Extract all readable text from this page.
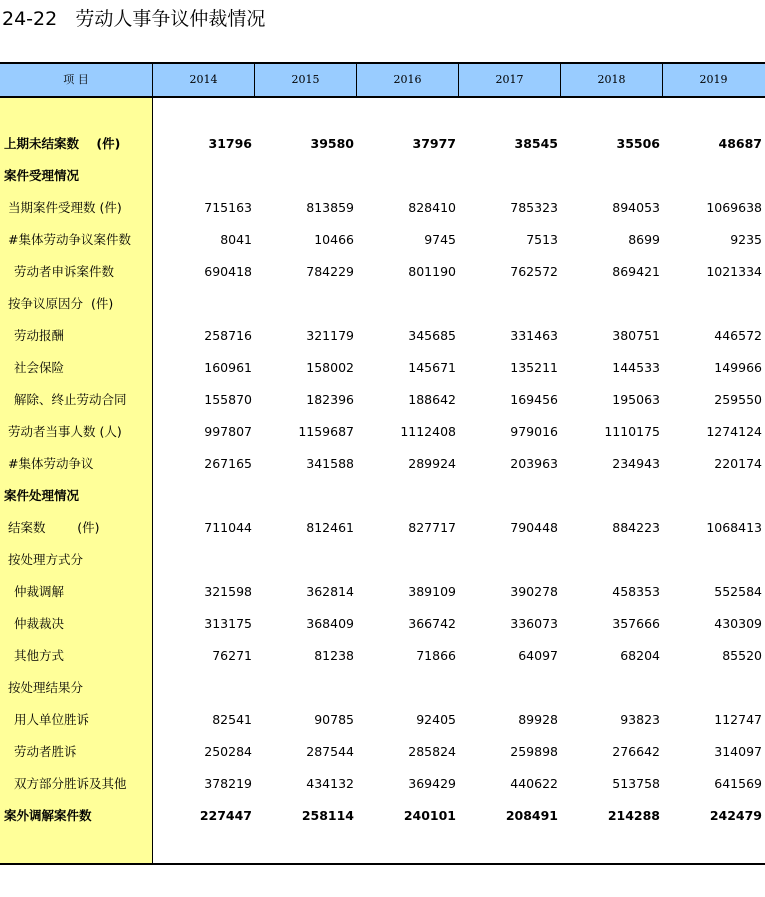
24-22   劳动人事争议仲裁情况
项 目	2014	2015	2016	2017	2018	2019
上期未结案数    (件)	31796	39580	37977	38545	35506	48687
案件受理情况
当期案件受理数 (件)	715163	813859	828410	785323	894053	1069638
#集体劳动争议案件数	8041	10466	9745	7513	8699	9235
劳动者申诉案件数	690418	784229	801190	762572	869421	1021334
按争议原因分  (件)
劳动报酬	258716	321179	345685	331463	380751	446572
社会保险	160961	158002	145671	135211	144533	149966
解除、终止劳动合同	155870	182396	188642	169456	195063	259550
劳动者当事人数 (人)	997807	1159687	1112408	979016	1110175	1274124
#集体劳动争议	267165	341588	289924	203963	234943	220174
案件处理情况
结案数        (件)	711044	812461	827717	790448	884223	1068413
按处理方式分
仲裁调解	321598	362814	389109	390278	458353	552584
仲裁裁决	313175	368409	366742	336073	357666	430309
其他方式	76271	81238	71866	64097	68204	85520
按处理结果分
用人单位胜诉	82541	90785	92405	89928	93823	112747
劳动者胜诉	250284	287544	285824	259898	276642	314097
双方部分胜诉及其他	378219	434132	369429	440622	513758	641569
案外调解案件数	227447	258114	240101	208491	214288	242479
